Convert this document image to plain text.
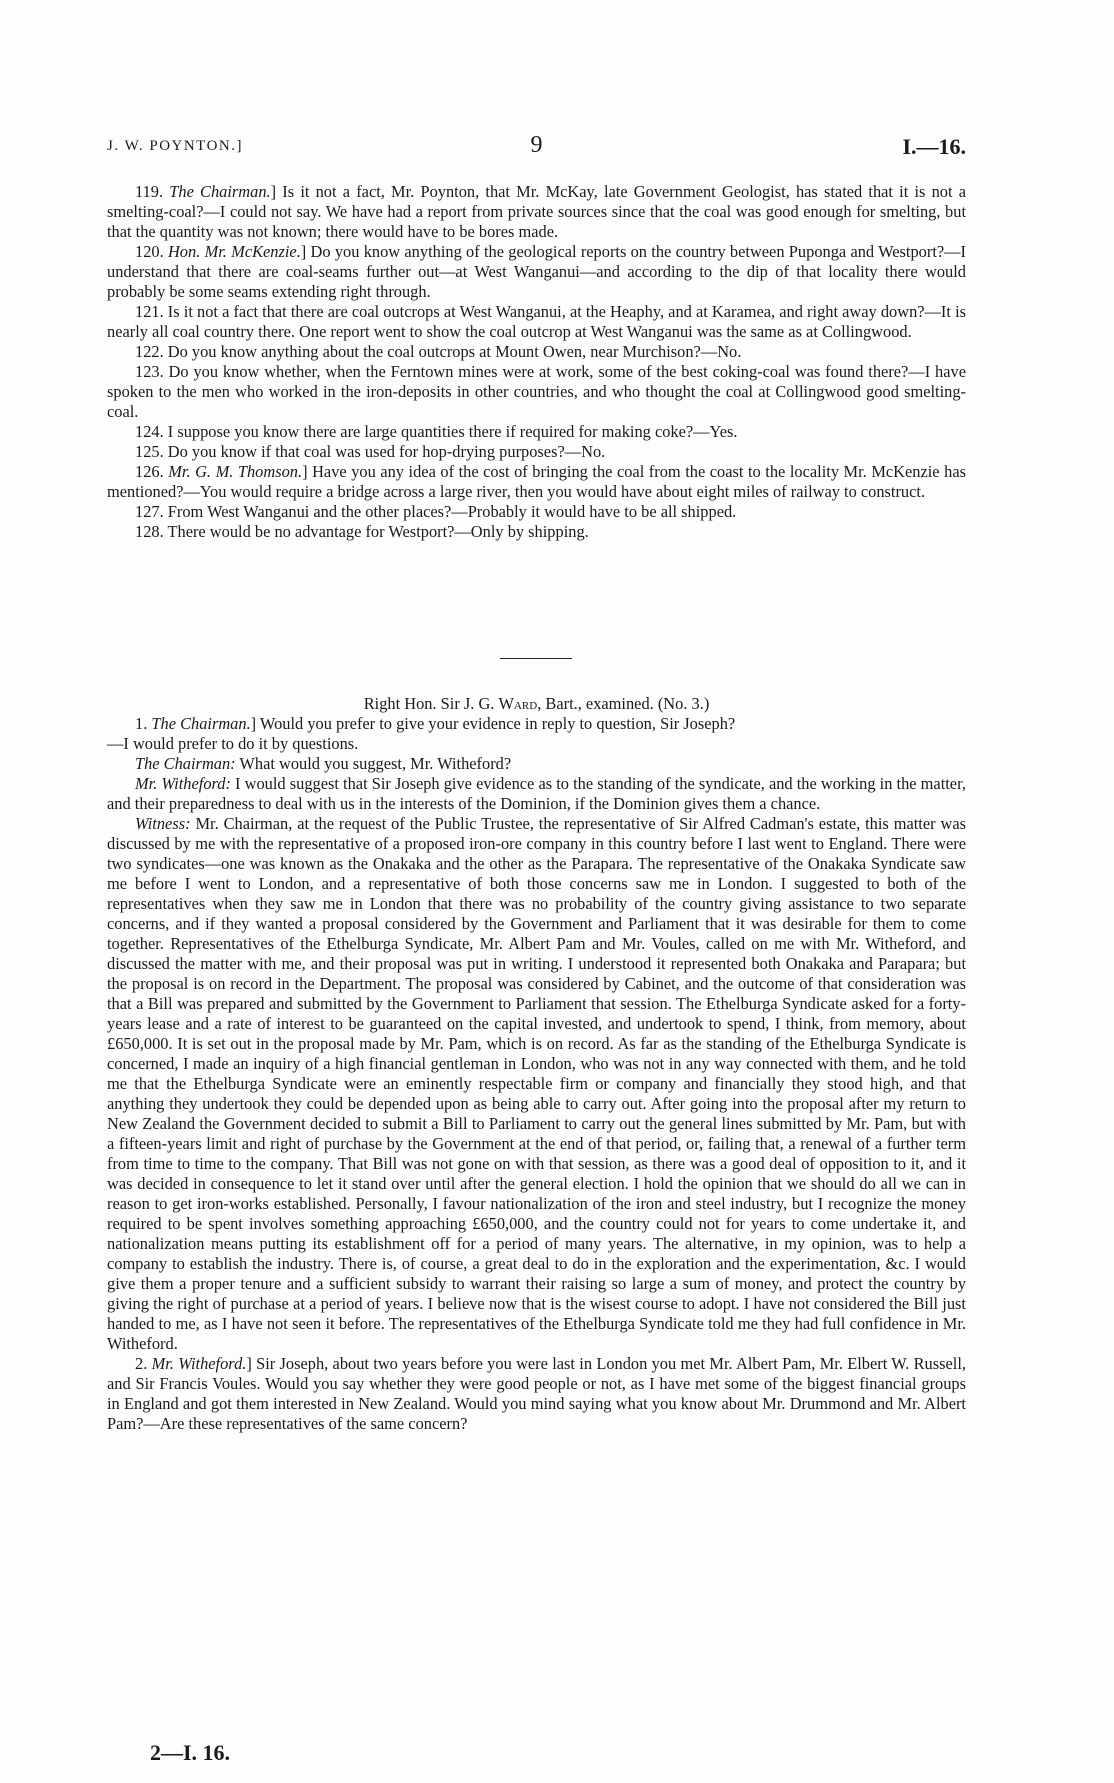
J. W. POYNTON.]	9	I.—16.

119. The Chairman.] Is it not a fact, Mr. Poynton, that Mr. McKay, late Government Geologist, has stated that it is not a smelting-coal?—I could not say. We have had a report from private sources since that the coal was good enough for smelting, but that the quantity was not known; there would have to be bores made.

120. Hon. Mr. McKenzie.] Do you know anything of the geological reports on the country between Puponga and Westport?—I understand that there are coal-seams further out—at West Wanganui—and according to the dip of that locality there would probably be some seams extending right through.

121. Is it not a fact that there are coal outcrops at West Wanganui, at the Heaphy, and at Karamea, and right away down?—It is nearly all coal country there. One report went to show the coal outcrop at West Wanganui was the same as at Collingwood.

122. Do you know anything about the coal outcrops at Mount Owen, near Murchison?—No.

123. Do you know whether, when the Ferntown mines were at work, some of the best coking-coal was found there?—I have spoken to the men who worked in the iron-deposits in other countries, and who thought the coal at Collingwood good smelting-coal.

124. I suppose you know there are large quantities there if required for making coke?—Yes.

125. Do you know if that coal was used for hop-drying purposes?—No.

126. Mr. G. M. Thomson.] Have you any idea of the cost of bringing the coal from the coast to the locality Mr. McKenzie has mentioned?—You would require a bridge across a large river, then you would have about eight miles of railway to construct.

127. From West Wanganui and the other places?—Probably it would have to be all shipped.

128. There would be no advantage for Westport?—Only by shipping.

Right Hon. Sir J. G. Ward, Bart., examined. (No. 3.)

1. The Chairman.] Would you prefer to give your evidence in reply to question, Sir Joseph?

—I would prefer to do it by questions.

The Chairman: What would you suggest, Mr. Witheford?

Mr. Witheford: I would suggest that Sir Joseph give evidence as to the standing of the syndicate, and the working in the matter, and their preparedness to deal with us in the interests of the Dominion, if the Dominion gives them a chance.

Witness: Mr. Chairman, at the request of the Public Trustee, the representative of Sir Alfred Cadman's estate, this matter was discussed by me with the representative of a proposed iron-ore company in this country before I last went to England. There were two syndicates—one was known as the Onakaka and the other as the Parapara. The representative of the Onakaka Syndicate saw me before I went to London, and a representative of both those concerns saw me in London. I suggested to both of the representatives when they saw me in London that there was no probability of the country giving assistance to two separate concerns, and if they wanted a proposal considered by the Government and Parliament that it was desirable for them to come together. Representatives of the Ethelburga Syndicate, Mr. Albert Pam and Mr. Voules, called on me with Mr. Witheford, and discussed the matter with me, and their proposal was put in writing. I understood it represented both Onakaka and Parapara; but the proposal is on record in the Department. The proposal was considered by Cabinet, and the outcome of that consideration was that a Bill was prepared and submitted by the Government to Parliament that session. The Ethelburga Syndicate asked for a forty-years lease and a rate of interest to be guaranteed on the capital invested, and undertook to spend, I think, from memory, about £650,000. It is set out in the proposal made by Mr. Pam, which is on record. As far as the standing of the Ethelburga Syndicate is concerned, I made an inquiry of a high financial gentleman in London, who was not in any way connected with them, and he told me that the Ethelburga Syndicate were an eminently respectable firm or company and financially they stood high, and that anything they undertook they could be depended upon as being able to carry out. After going into the proposal after my return to New Zealand the Government decided to submit a Bill to Parliament to carry out the general lines submitted by Mr. Pam, but with a fifteen-years limit and right of purchase by the Government at the end of that period, or, failing that, a renewal of a further term from time to time to the company. That Bill was not gone on with that session, as there was a good deal of opposition to it, and it was decided in consequence to let it stand over until after the general election. I hold the opinion that we should do all we can in reason to get iron-works established. Personally, I favour nationalization of the iron and steel industry, but I recognize the money required to be spent involves something approaching £650,000, and the country could not for years to come undertake it, and nationalization means putting its establishment off for a period of many years. The alternative, in my opinion, was to help a company to establish the industry. There is, of course, a great deal to do in the exploration and the experimentation, &c. I would give them a proper tenure and a sufficient subsidy to warrant their raising so large a sum of money, and protect the country by giving the right of purchase at a period of years. I believe now that is the wisest course to adopt. I have not considered the Bill just handed to me, as I have not seen it before. The representatives of the Ethelburga Syndicate told me they had full confidence in Mr. Witheford.

2. Mr. Witheford.] Sir Joseph, about two years before you were last in London you met Mr. Albert Pam, Mr. Elbert W. Russell, and Sir Francis Voules. Would you say whether they were good people or not, as I have met some of the biggest financial groups in England and got them interested in New Zealand. Would you mind saying what you know about Mr. Drummond and Mr. Albert Pam?—Are these representatives of the same concern?

2—I. 16.
